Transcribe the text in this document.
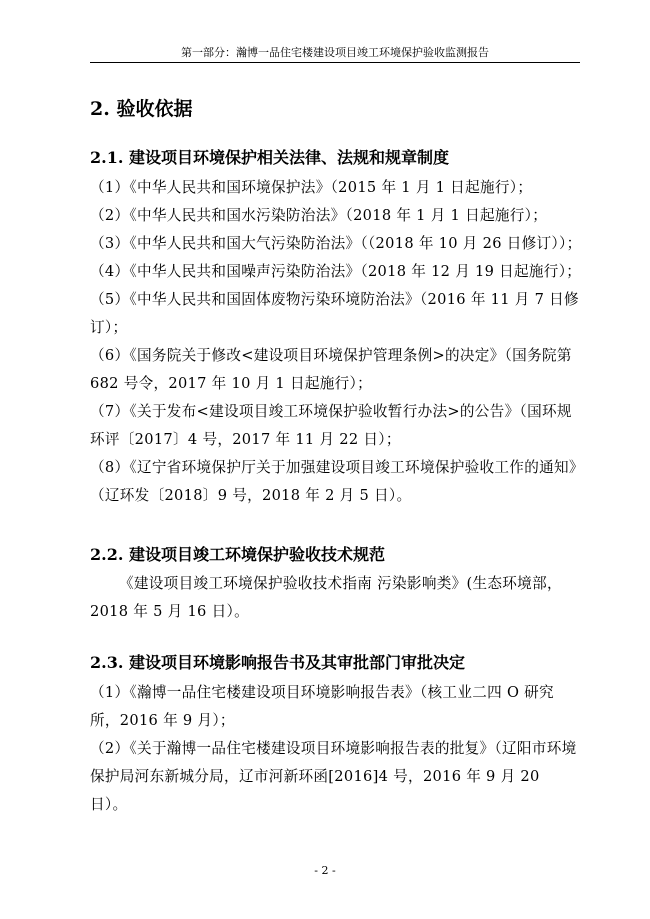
第一部分：瀚博一品住宅楼建设项目竣工环境保护验收监测报告
2. 验收依据
2.1. 建设项目环境保护相关法律、法规和规章制度
（1）《中华人民共和国环境保护法》（2015 年 1 月 1 日起施行）；
（2）《中华人民共和国水污染防治法》（2018 年 1 月 1 日起施行）；
（3）《中华人民共和国大气污染防治法》（（2018 年 10 月 26 日修订））；
（4）《中华人民共和国噪声污染防治法》（2018 年 12 月 19 日起施行）；
（5）《中华人民共和国固体废物污染环境防治法》（2016 年 11 月 7 日修订）；
（6）《国务院关于修改<建设项目环境保护管理条例>的决定》（国务院第 682 号令，2017 年 10 月 1 日起施行）；
（7）《关于发布<建设项目竣工环境保护验收暂行办法>的公告》（国环规环评〔2017〕4 号，2017 年 11 月 22 日）；
（8）《辽宁省环境保护厅关于加强建设项目竣工环境保护验收工作的通知》（辽环发〔2018〕9 号，2018 年 2 月 5 日）。
2.2. 建设项目竣工环境保护验收技术规范
《建设项目竣工环境保护验收技术指南 污染影响类》(生态环境部，2018 年 5 月 16 日）。
2.3. 建设项目环境影响报告书及其审批部门审批决定
（1）《瀚博一品住宅楼建设项目环境影响报告表》（核工业二四 O 研究所，2016 年 9 月）；
（2）《关于瀚博一品住宅楼建设项目环境影响报告表的批复》（辽阳市环境保护局河东新城分局，辽市河新环函[2016]4 号，2016 年 9 月 20 日）。
- 2 -
